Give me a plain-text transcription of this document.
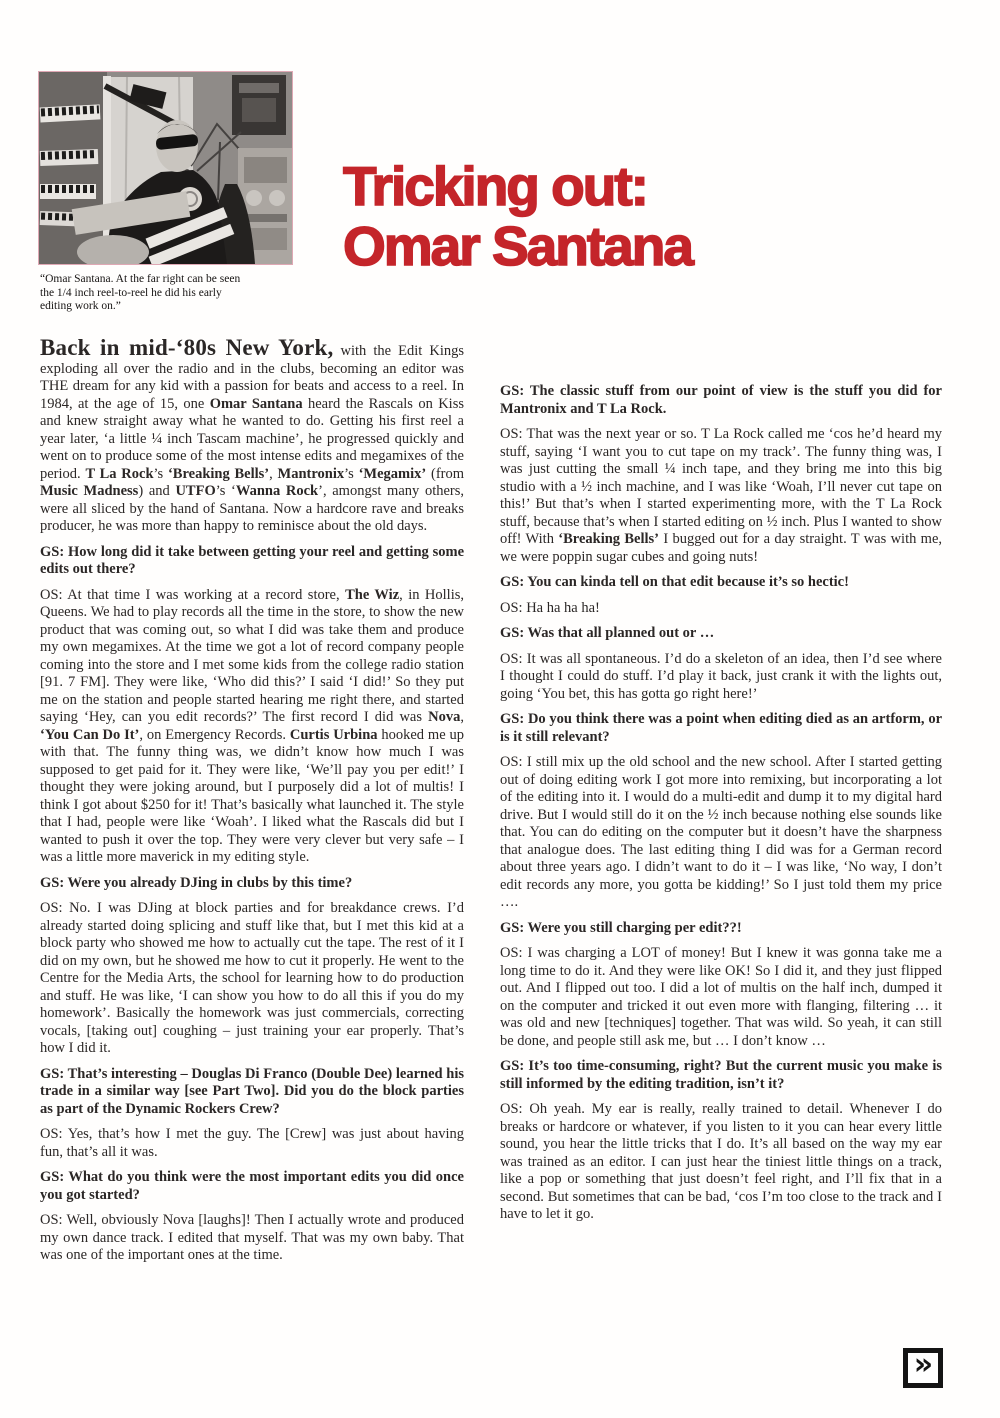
“Omar Santana. At the far right can be seen the 1/4 inch reel-to-reel he did his early editing work on.”
Tricking out:
Omar Santana

Back in mid-‘80s New York, with the Edit Kings exploding all over the radio and in the clubs, becoming an editor was THE dream for any kid with a passion for beats and access to a reel. In 1984, at the age of 15, one Omar Santana heard the Rascals on Kiss and knew straight away what he wanted to do. Getting his first reel a year later, ‘a little ¼ inch Tascam machine’, he progressed quickly and went on to produce some of the most intense edits and megamixes of the period. T La Rock’s ‘Breaking Bells’, Mantronix’s ‘Megamix’ (from Music Madness) and UTFO’s ‘Wanna Rock’, amongst many others, were all sliced by the hand of Santana. Now a hardcore rave and breaks producer, he was more than happy to reminisce about the old days.

GS: How long did it take between getting your reel and getting some edits out there?

OS: At that time I was working at a record store, The Wiz, in Hollis, Queens. We had to play records all the time in the store, to show the new product that was coming out, so what I did was take them and produce my own megamixes. At the time we got a lot of record company people coming into the store and I met some kids from the college radio station [91. 7 FM]. They were like, ‘Who did this?’ I said ‘I did!’ So they put me on the station and people started hearing me right there, and started saying ‘Hey, can you edit records?’ The first record I did was Nova, ‘You Can Do It’, on Emergency Records. Curtis Urbina hooked me up with that. The funny thing was, we didn’t know how much I was supposed to get paid for it. They were like, ‘We’ll pay you per edit!’ I thought they were joking around, but I purposely did a lot of multis! I think I got about $250 for it! That’s basically what launched it. The style that I had, people were like ‘Woah’. I liked what the Rascals did but I wanted to push it over the top. They were very clever but very safe – I was a little more maverick in my editing style.

GS: Were you already DJing in clubs by this time?

OS: No. I was DJing at block parties and for breakdance crews. I’d already started doing splicing and stuff like that, but I met this kid at a block party who showed me how to actually cut the tape. The rest of it I did on my own, but he showed me how to cut it properly. He went to the Centre for the Media Arts, the school for learning how to do production and stuff. He was like, ‘I can show you how to do all this if you do my homework’. Basically the homework was just commercials, correcting vocals, [taking out] coughing – just training your ear properly. That’s how I did it.

GS: That’s interesting – Douglas Di Franco (Double Dee) learned his trade in a similar way [see Part Two]. Did you do the block parties as part of the Dynamic Rockers Crew?

OS: Yes, that’s how I met the guy. The [Crew] was just about having fun, that’s all it was.

GS: What do you think were the most important edits you did once you got started?

OS: Well, obviously Nova [laughs]! Then I actually wrote and produced my own dance track. I edited that myself. That was my own baby. That was one of the important ones at the time.

GS: The classic stuff from our point of view is the stuff you did for Mantronix and T La Rock.

OS: That was the next year or so. T La Rock called me ‘cos he’d heard my stuff, saying ‘I want you to cut tape on my track’. The funny thing was, I was just cutting the small ¼ inch tape, and they bring me into this big studio with a ½ inch machine, and I was like ‘Woah, I’ll never cut tape on this!’ But that’s when I started experimenting more, with the T La Rock stuff, because that’s when I started editing on ½ inch. Plus I wanted to show off! With ‘Breaking Bells’ I bugged out for a day straight. T was with me, we were poppin sugar cubes and going nuts!

GS: You can kinda tell on that edit because it’s so hectic!

OS: Ha ha ha ha!

GS: Was that all planned out or …

OS: It was all spontaneous. I’d do a skeleton of an idea, then I’d see where I thought I could do stuff. I’d play it back, just crank it with the lights out, going ‘You bet, this has gotta go right here!’

GS: Do you think there was a point when editing died as an artform, or is it still relevant?

OS: I still mix up the old school and the new school. After I started getting out of doing editing work I got more into remixing, but incorporating a lot of the editing into it. I would do a multi-edit and dump it to my digital hard drive. But I would still do it on the ½ inch because nothing else sounds like that. You can do editing on the computer but it doesn’t have the sharpness that analogue does. The last editing thing I did was for a German record about three years ago. I didn’t want to do it – I was like, ‘No way, I don’t edit records any more, you gotta be kidding!’ So I just told them my price ….

GS: Were you still charging per edit??!

OS: I was charging a LOT of money! But I knew it was gonna take me a long time to do it. And they were like OK! So I did it, and they just flipped out. And I flipped out too. I did a lot of multis on the half inch, dumped it on the computer and tricked it out even more with flanging, filtering … it was old and new [techniques] together. That was wild. So yeah, it can still be done, and people still ask me, but … I don’t know …

GS: It’s too time-consuming, right? But the current music you make is still informed by the editing tradition, isn’t it?

OS: Oh yeah. My ear is really, really trained to detail. Whenever I do breaks or hardcore or whatever, if you listen to it you can hear every little sound, you hear the little tricks that I do. It’s all based on the way my ear was trained as an editor. I can just hear the tiniest little things on a track, like a pop or something that just doesn’t feel right, and I’ll fix that in a second. But sometimes that can be bad, ‘cos I’m too close to the track and I have to let it go.

»
